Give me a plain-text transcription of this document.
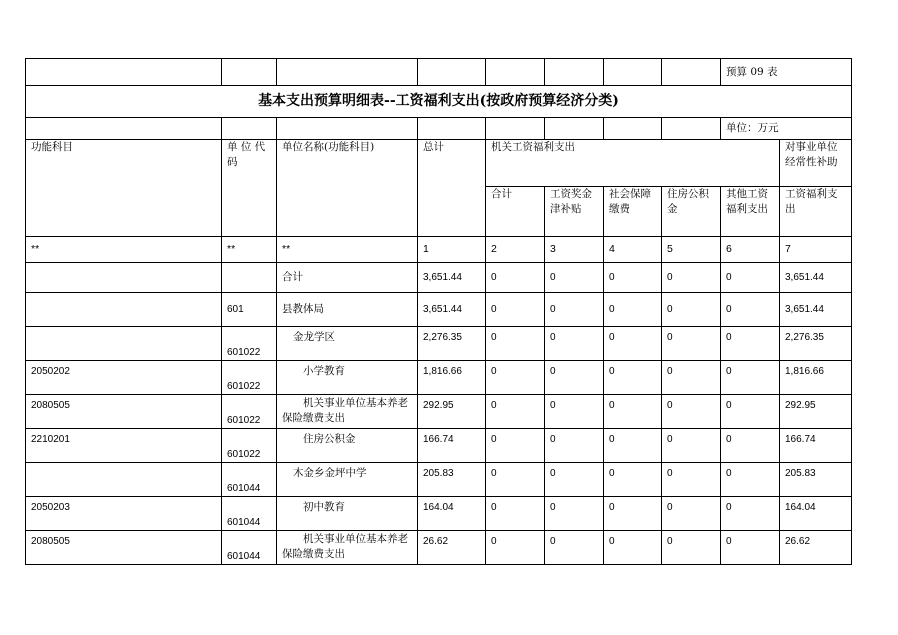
								预算 09 表	
基本支出预算明细表--工资福利支出(按政府预算经济分类)									
								单位：万元	
功能科目	单 位 代 码	单位名称(功能科目)	总计	机关工资福利支出					对事业单位经常性补助
				合计	工资奖金津补贴	社会保障缴费	住房公积金	其他工资福利支出	工资福利支出
**	**	**	1	2	3	4	5	6	7
		合计	3,651.44	0	0	0	0	0	3,651.44
	601	县教体局	3,651.44	0	0	0	0	0	3,651.44
	601022	金龙学区	2,276.35	0	0	0	0	0	2,276.35
2050202	601022	小学教育	1,816.66	0	0	0	0	0	1,816.66
2080505	601022	机关事业单位基本养老保险缴费支出	292.95	0	0	0	0	0	292.95
2210201	601022	住房公积金	166.74	0	0	0	0	0	166.74
	601044	木金乡金坪中学	205.83	0	0	0	0	0	205.83
2050203	601044	初中教育	164.04	0	0	0	0	0	164.04
2080505	601044	机关事业单位基本养老保险缴费支出	26.62	0	0	0	0	0	26.62
